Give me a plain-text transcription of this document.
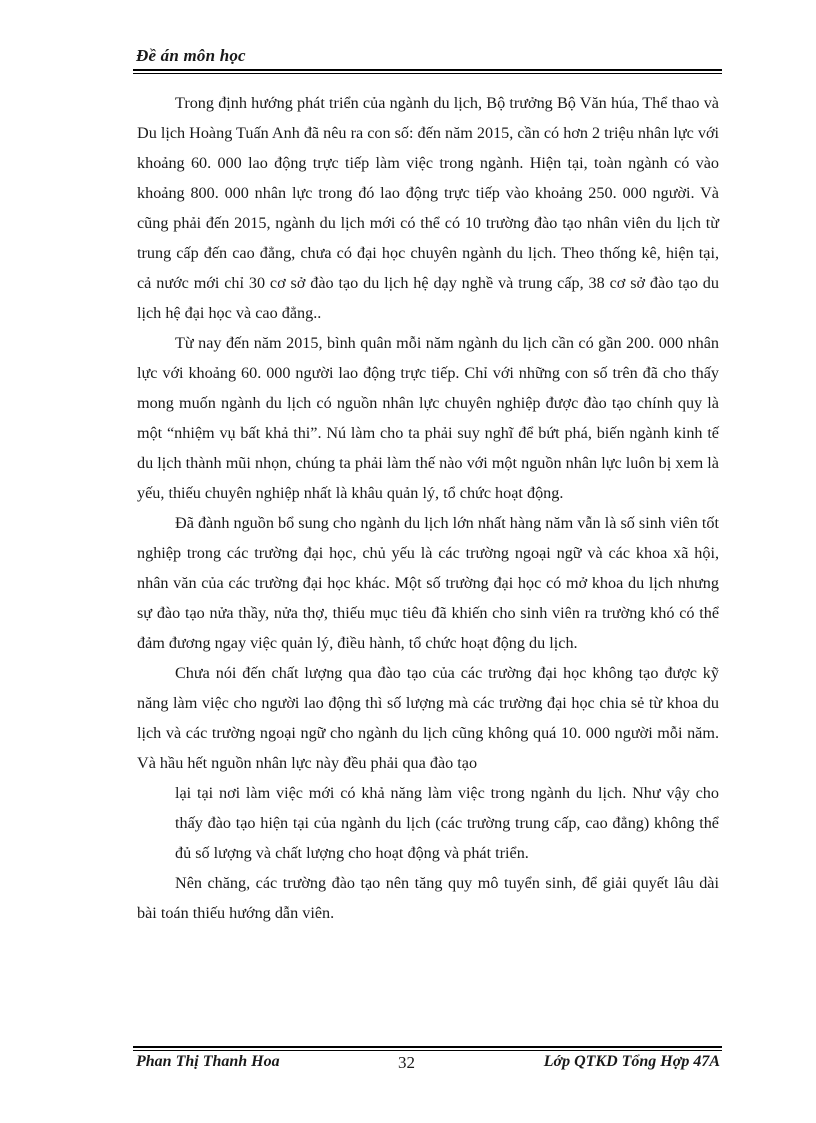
Đề án môn học

Trong định hướng phát triển của ngành du lịch, Bộ trưởng Bộ Văn húa, Thể thao và Du lịch Hoàng Tuấn Anh đã nêu ra con số: đến năm 2015, cần có hơn 2 triệu nhân lực với khoảng 60. 000 lao động trực tiếp làm việc trong ngành. Hiện tại, toàn ngành có vào khoảng 800. 000 nhân lực trong đó lao động trực tiếp vào khoảng 250. 000 người. Và cũng phải đến 2015, ngành du lịch mới có thể có 10 trường đào tạo nhân viên du lịch từ trung cấp đến cao đẳng, chưa có đại học chuyên ngành du lịch. Theo thống kê, hiện tại, cả nước mới chỉ 30 cơ sở đào tạo du lịch hệ dạy nghề và trung cấp, 38 cơ sở đào tạo du lịch hệ đại học và cao đẳng..

Từ nay đến năm 2015, bình quân mỗi năm ngành du lịch cần có gần 200. 000 nhân lực với khoảng 60. 000 người lao động trực tiếp. Chỉ với những con số trên đã cho thấy mong muốn ngành du lịch có nguồn nhân lực chuyên nghiệp được đào tạo chính quy là một “nhiệm vụ bất khả thi”. Nú làm cho ta phải suy nghĩ để bứt phá, biến ngành kinh tế du lịch thành mũi nhọn, chúng ta phải làm thế nào với một nguồn nhân lực luôn bị xem là yếu, thiếu chuyên nghiệp nhất là khâu quản lý, tổ chức hoạt động.

Đã đành nguồn bổ sung cho ngành du lịch lớn nhất hàng năm vẫn là số sinh viên tốt nghiệp trong các trường đại học, chủ yếu là các trường ngoại ngữ và các khoa xã hội, nhân văn của các trường đại học khác. Một số trường đại học có mở khoa du lịch nhưng sự đào tạo nửa thầy, nửa thợ, thiếu mục tiêu đã khiến cho sinh viên ra trường khó có thể đảm đương ngay việc quản lý, điều hành, tổ chức hoạt động du lịch.

Chưa nói đến chất lượng qua đào tạo của các trường đại học không tạo được kỹ năng làm việc cho người lao động thì số lượng mà các trường đại học chia sẻ từ khoa du lịch và các trường ngoại ngữ cho ngành du lịch cũng không quá 10. 000 người mỗi năm. Và hầu hết nguồn nhân lực này đều phải qua đào tạo

lại tại nơi làm việc mới có khả năng làm việc trong ngành du lịch. Như vậy cho thấy đào tạo hiện tại của ngành du lịch (các trường trung cấp, cao đẳng) không thể đủ số lượng và chất lượng cho hoạt động và phát triển.

Nên chăng, các trường đào tạo nên tăng quy mô tuyển sinh, để giải quyết lâu dài bài toán thiếu hướng dẫn viên.

Phan Thị Thanh Hoa	32	Lớp QTKD Tổng Hợp 47A
